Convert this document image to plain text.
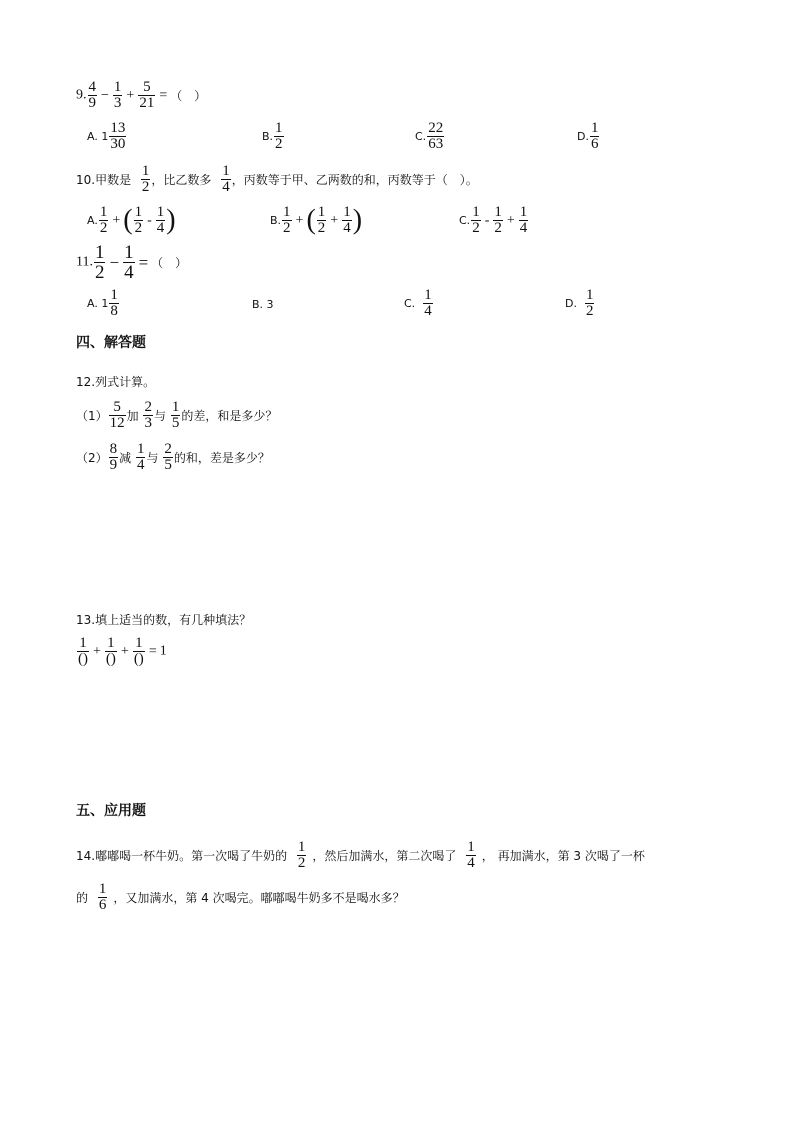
9. $\frac{4}{9} - \frac{1}{3} + \frac{5}{21}$ = （　）
A. $1 \frac{13}{30}$	B. $\frac{1}{2}$	C. $\frac{22}{63}$	D. $\frac{1}{6}$
10.甲数是 $\frac{1}{2}$ ，比乙数多 $\frac{1}{4}$ ，丙数等于甲、乙两数的和，丙数等于（　）。
A. $\frac{1}{2}$ + ( $\frac{1}{2} - \frac{1}{4}$ )	B. $\frac{1}{2}$ + ( $\frac{1}{2} + \frac{1}{4}$ )	C. $\frac{1}{2} - \frac{1}{2} + \frac{1}{4}$
11. $\frac{1}{2} - \frac{1}{4}$ = （　）
A. $1 \frac{1}{8}$	B. 3	C. $\frac{1}{4}$	D. $\frac{1}{2}$
四、解答题
12.列式计算。
$(1) \frac{5}{12}$ 加 $\frac{2}{3}$ 与 $\frac{1}{5}$ 的差，和是多少？
$(2) \frac{8}{9}$ 减 $\frac{1}{4}$ 与 $\frac{2}{5}$ 的和，差是多少？
13.填上适当的数，有几种填法？
1
() + 1
() + 1
() = 1
五、应用题
14.嘟嘟喝一杯牛奶。第一次喝了牛奶的 $\frac{1}{2}$ ，然后加满水，第二次喝了 $\frac{1}{4}$ ， 再加满水，第 3 次喝了一杯
的 $\frac{1}{6}$ ，又加满水，第 4 次喝完。嘟嘟喝牛奶多不是喝水多？
